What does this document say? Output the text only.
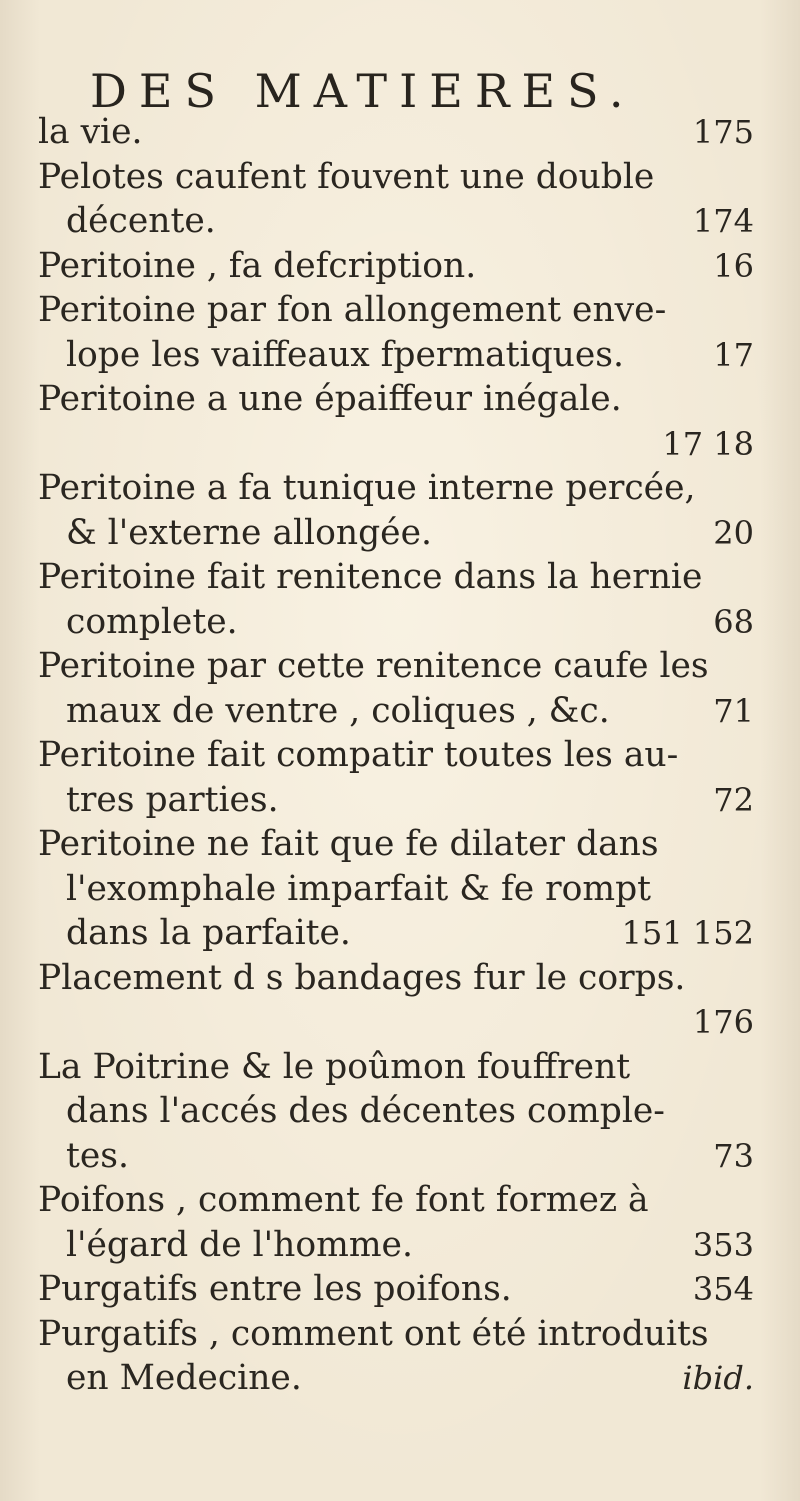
DES MATIERES.
la vie.	175
Pelotes caufent fouvent une double
décente.	174
Peritoine , fa defcription.	16
Peritoine par fon allongement enve-
lope les vaiffeaux fpermatiques.	17
Peritoine a une épaiffeur inégale.
17 18
Peritoine a fa tunique interne percée,
& l'externe allongée.	20
Peritoine fait renitence dans la hernie
complete.	68
Peritoine par cette renitence caufe les
maux de ventre , coliques , &c.	71
Peritoine fait compatir toutes les au-
tres parties.	72
Peritoine ne fait que fe dilater dans
l'exomphale imparfait & fe rompt
dans la parfaite.	151 152
Placement d s bandages fur le corps.
176
La Poitrine & le poûmon fouffrent
dans l'accés des décentes comple-
tes.	73
Poifons , comment fe font formez à
l'égard de l'homme.	353
Purgatifs entre les poifons.	354
Purgatifs , comment ont été introduits
en Medecine.	ibid.
